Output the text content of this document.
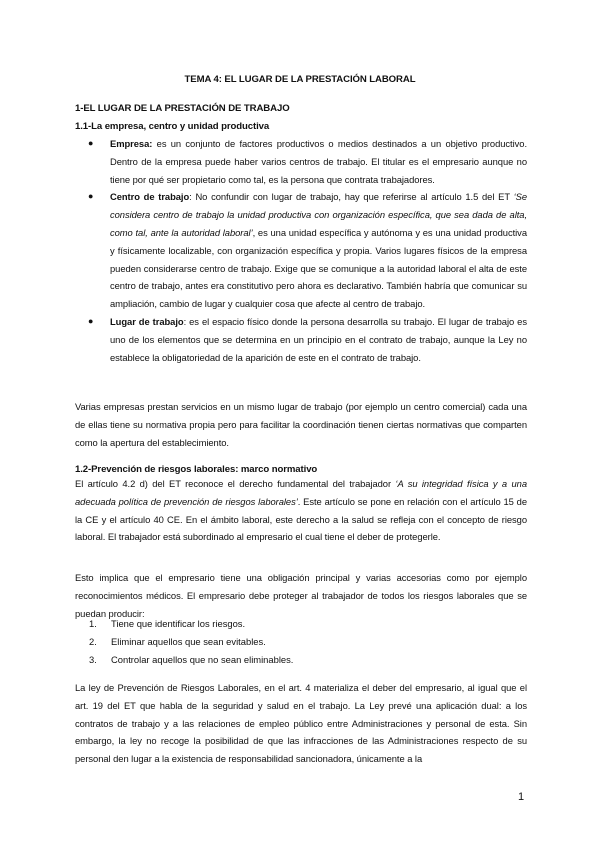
TEMA 4: EL LUGAR DE LA PRESTACIÓN LABORAL
1-EL LUGAR DE LA PRESTACIÓN DE TRABAJO
1.1-La empresa, centro y unidad productiva
● Empresa: es un conjunto de factores productivos o medios destinados a un objetivo productivo. Dentro de la empresa puede haber varios centros de trabajo. El titular es el empresario aunque no tiene por qué ser propietario como tal, es la persona que contrata trabajadores.
● Centro de trabajo: No confundir con lugar de trabajo, hay que referirse al artículo 1.5 del ET ‘Se considera centro de trabajo la unidad productiva con organización específica, que sea dada de alta, como tal, ante la autoridad laboral’, es una unidad específica y autónoma y es una unidad productiva y físicamente localizable, con organización específica y propia. Varios lugares físicos de la empresa pueden considerarse centro de trabajo. Exige que se comunique a la autoridad laboral el alta de este centro de trabajo, antes era constitutivo pero ahora es declarativo. También habría que comunicar su ampliación, cambio de lugar y cualquier cosa que afecte al centro de trabajo.
● Lugar de trabajo: es el espacio físico donde la persona desarrolla su trabajo. El lugar de trabajo es uno de los elementos que se determina en un principio en el contrato de trabajo, aunque la Ley no establece la obligatoriedad de la aparición de este en el contrato de trabajo.

Varias empresas prestan servicios en un mismo lugar de trabajo (por ejemplo un centro comercial) cada una de ellas tiene su normativa propia pero para facilitar la coordinación tienen ciertas normativas que comparten como la apertura del establecimiento.

1.2-Prevención de riesgos laborales: marco normativo

El artículo 4.2 d) del ET reconoce el derecho fundamental del trabajador ‘A su integridad física y a una adecuada política de prevención de riesgos laborales’. Este artículo se pone en relación con el artículo 15 de la CE y el artículo 40 CE. En el ámbito laboral, este derecho a la salud se refleja con el concepto de riesgo laboral. El trabajador está subordinado al empresario el cual tiene el deber de protegerle.

Esto implica que el empresario tiene una obligación principal y varias accesorias como por ejemplo reconocimientos médicos. El empresario debe proteger al trabajador de todos los riesgos laborales que se puedan producir:

1. Tiene que identificar los riesgos.
2. Eliminar aquellos que sean evitables.
3. Controlar aquellos que no sean eliminables.

La ley de Prevención de Riesgos Laborales, en el art. 4 materializa el deber del empresario, al igual que el art. 19 del ET que habla de la seguridad y salud en el trabajo. La Ley prevé una aplicación dual: a los contratos de trabajo y a las relaciones de empleo público entre Administraciones y personal de esta. Sin embargo, la ley no recoge la posibilidad de que las infracciones de las Administraciones respecto de su personal den lugar a la existencia de responsabilidad sancionadora, únicamente a la

1
